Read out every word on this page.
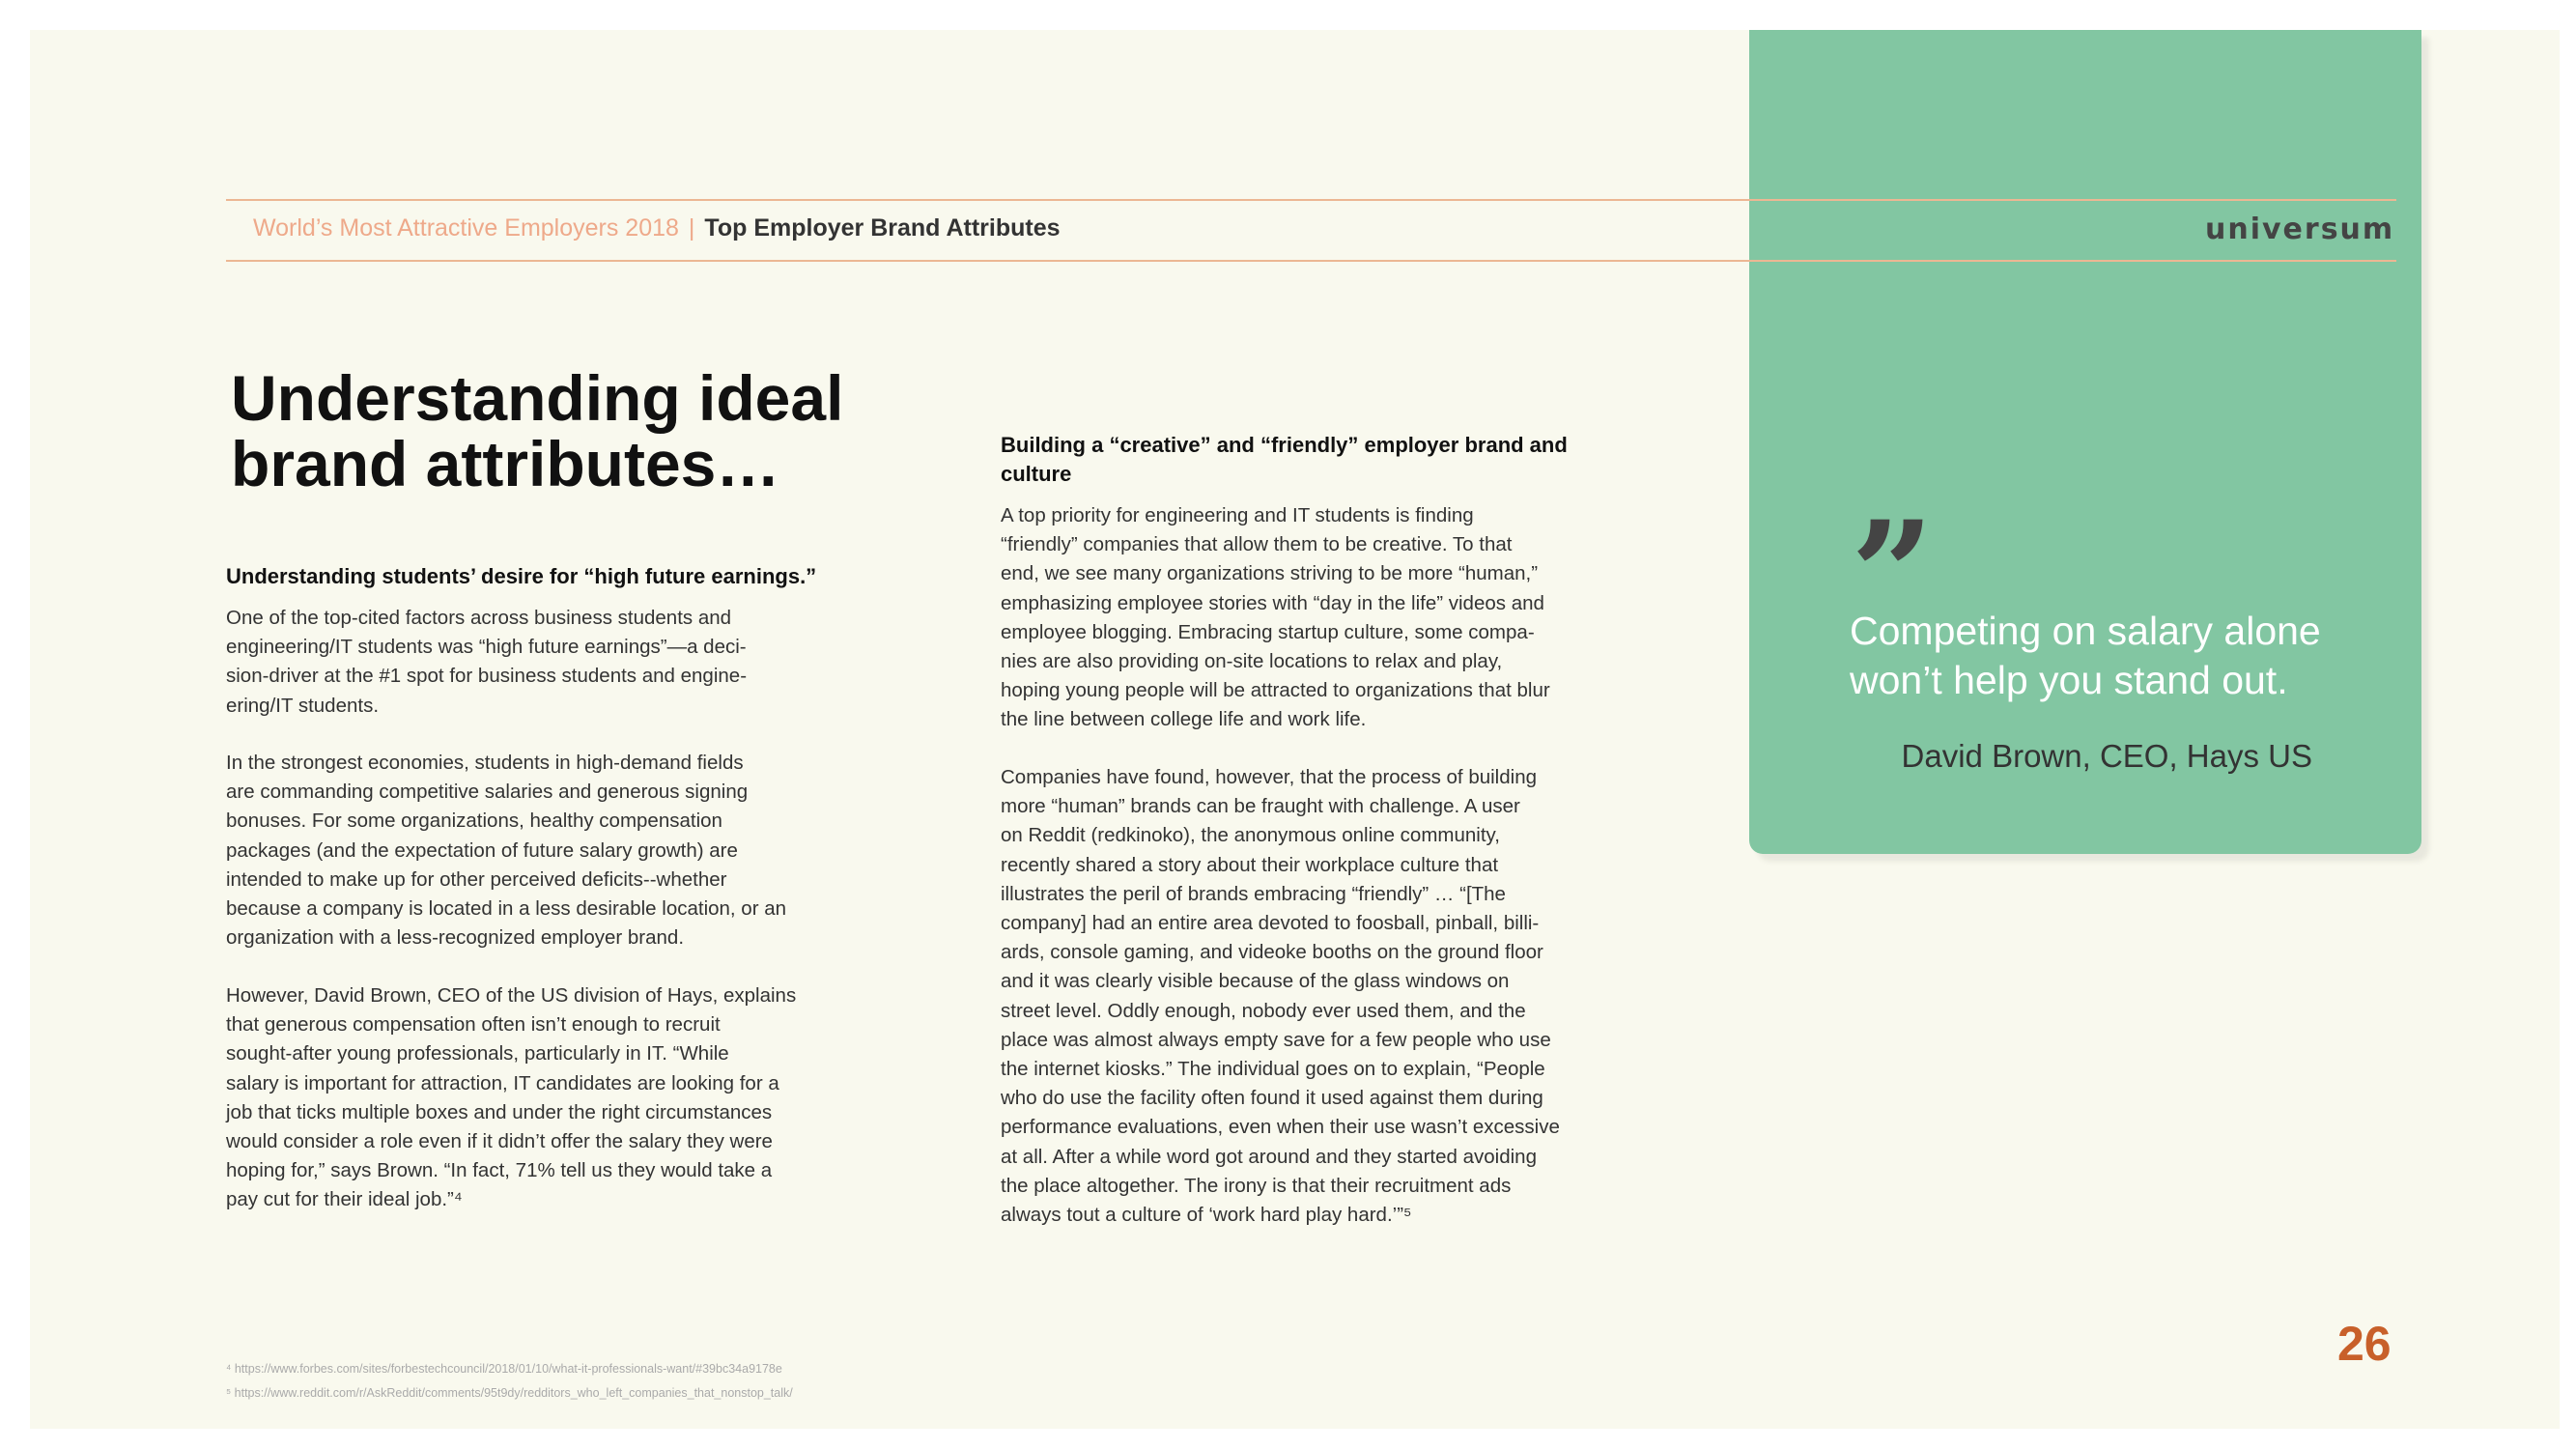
World’s Most Attractive Employers 2018 | Top Employer Brand Attributes	universum
Understanding ideal
brand attributes…
Understanding students’ desire for “high future earnings.”
One of the top-cited factors across business students and
engineering/IT students was “high future earnings”—a deci-
sion-driver at the #1 spot for business students and engine-
ering/IT students.
In the strongest economies, students in high-demand fields
are commanding competitive salaries and generous signing
bonuses. For some organizations, healthy compensation
packages (and the expectation of future salary growth) are
intended to make up for other perceived deficits--whether
because a company is located in a less desirable location, or an
organization with a less-recognized employer brand.
However, David Brown, CEO of the US division of Hays, explains
that generous compensation often isn’t enough to recruit
sought-after young professionals, particularly in IT. “While
salary is important for attraction, IT candidates are looking for a
job that ticks multiple boxes and under the right circumstances
would consider a role even if it didn’t offer the salary they were
hoping for,” says Brown. “In fact, 71% tell us they would take a
pay cut for their ideal job.”⁴
Building a “creative” and “friendly” employer brand and
culture
A top priority for engineering and IT students is finding
“friendly” companies that allow them to be creative. To that
end, we see many organizations striving to be more “human,”
emphasizing employee stories with “day in the life” videos and
employee blogging. Embracing startup culture, some compa-
nies are also providing on-site locations to relax and play,
hoping young people will be attracted to organizations that blur
the line between college life and work life.
Companies have found, however, that the process of building
more “human” brands can be fraught with challenge. A user
on Reddit (redkinoko), the anonymous online community,
recently shared a story about their workplace culture that
illustrates the peril of brands embracing “friendly” … “[The
company] had an entire area devoted to foosball, pinball, billi-
ards, console gaming, and videoke booths on the ground floor
and it was clearly visible because of the glass windows on
street level. Oddly enough, nobody ever used them, and the
place was almost always empty save for a few people who use
the internet kiosks.” The individual goes on to explain, “People
who do use the facility often found it used against them during
performance evaluations, even when their use wasn’t excessive
at all. After a while word got around and they started avoiding
the place altogether. The irony is that their recruitment ads
always tout a culture of ‘work hard play hard.’”⁵
”
Competing on salary alone
won’t help you stand out.
David Brown, CEO, Hays US
26
⁴ https://www.forbes.com/sites/forbestechcouncil/2018/01/10/what-it-professionals-want/#39bc34a9178e
⁵ https://www.reddit.com/r/AskReddit/comments/95t9dy/redditors_who_left_companies_that_nonstop_talk/
